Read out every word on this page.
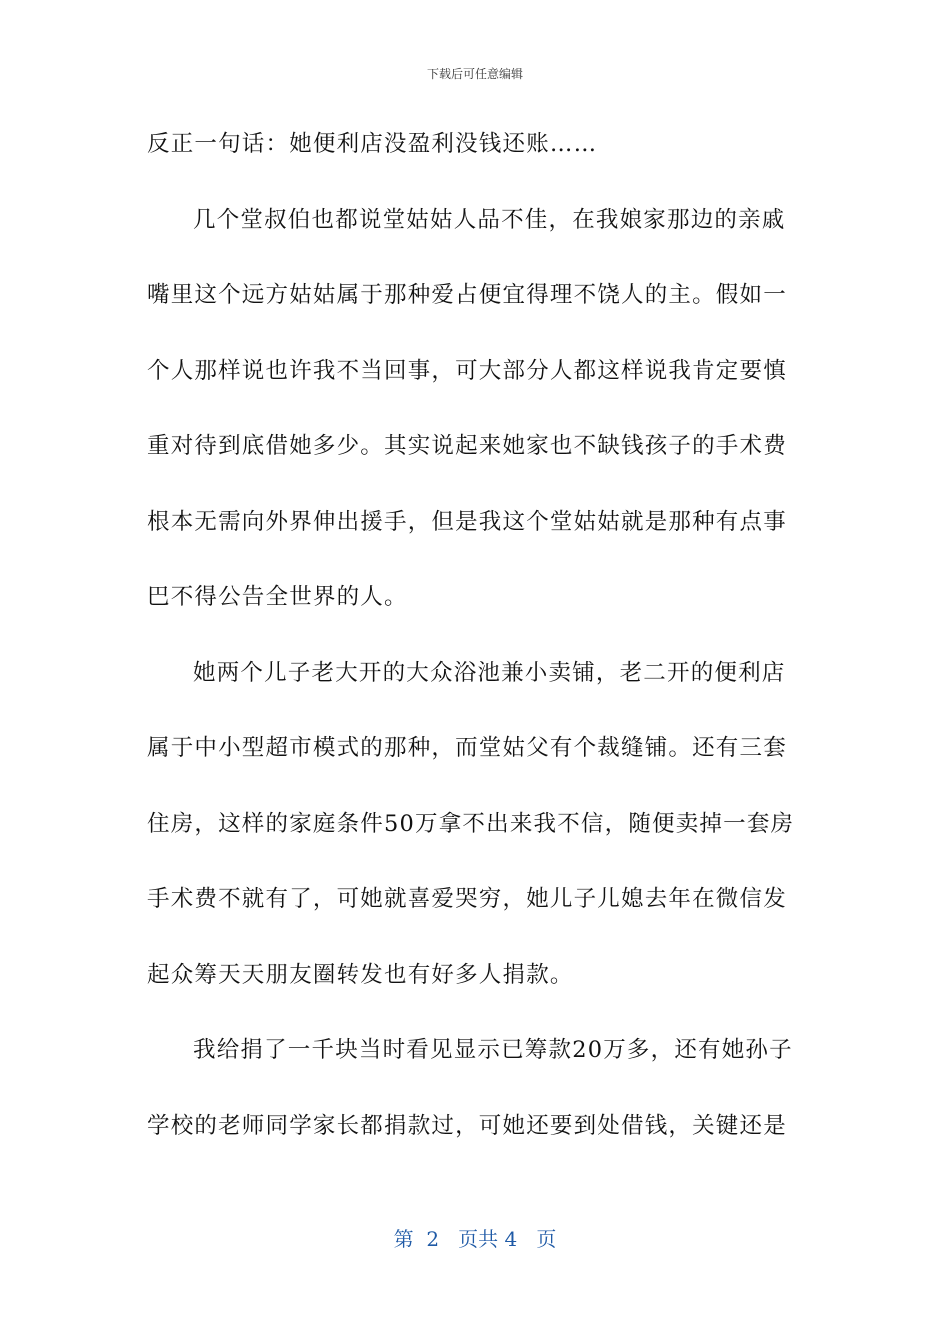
下载后可任意编辑
反正一句话：她便利店没盈利没钱还账……
几个堂叔伯也都说堂姑姑人品不佳，在我娘家那边的亲戚
嘴里这个远方姑姑属于那种爱占便宜得理不饶人的主。假如一
个人那样说也许我不当回事，可大部分人都这样说我肯定要慎
重对待到底借她多少。其实说起来她家也不缺钱孩子的手术费
根本无需向外界伸出援手，但是我这个堂姑姑就是那种有点事
巴不得公告全世界的人。
她两个儿子老大开的大众浴池兼小卖铺，老二开的便利店
属于中小型超市模式的那种，而堂姑父有个裁缝铺。还有三套
住房，这样的家庭条件50万拿不出来我不信，随便卖掉一套房
手术费不就有了，可她就喜爱哭穷，她儿子儿媳去年在微信发
起众筹天天朋友圈转发也有好多人捐款。
我给捐了一千块当时看见显示已筹款20万多，还有她孙子
学校的老师同学家长都捐款过，可她还要到处借钱，关键还是
第  2   页共 4   页
